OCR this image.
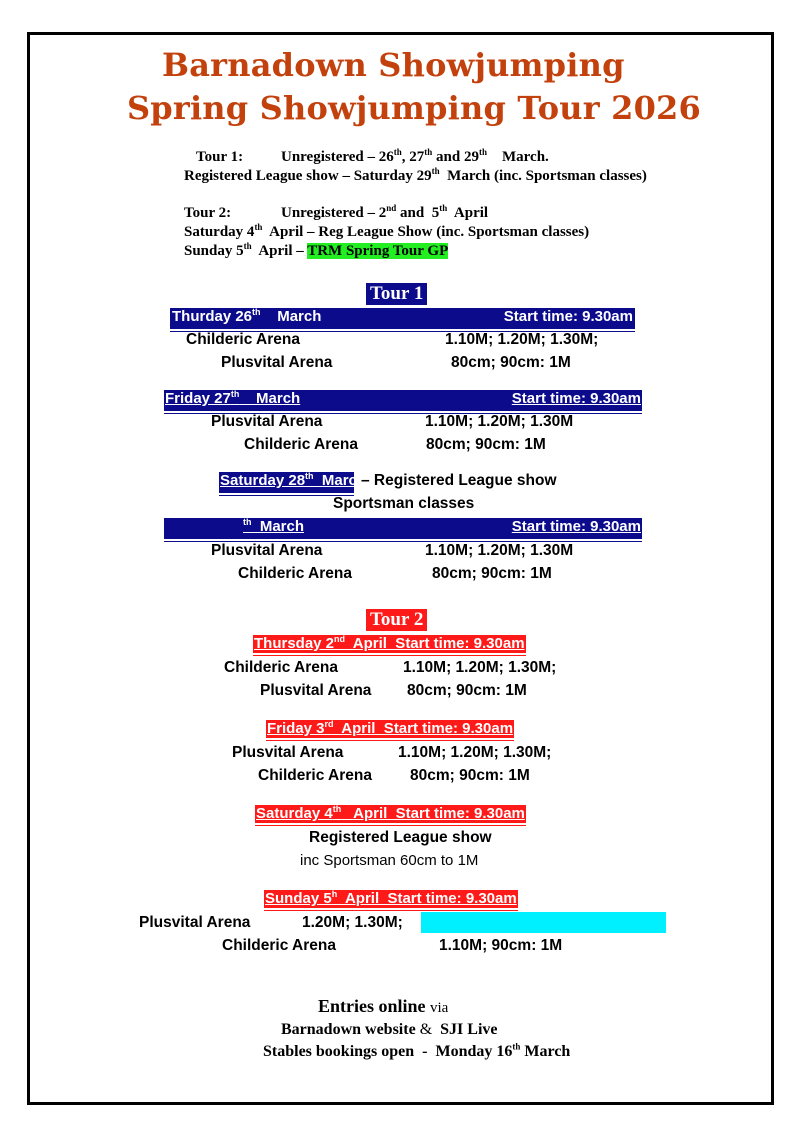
Barnadown Showjumping
Spring Showjumping Tour 2026
Tour 1:	Unregistered – 26th, 27th and 29th    March.
Registered League show – Saturday 29th  March (inc. Sportsman classes)
Tour 2:	Unregistered – 2nd and  5th  April
Saturday 4th  April – Reg League Show (inc. Sportsman classes)
Sunday 5th  April – TRM Spring Tour GP
Tour 1
Thurday 26th    March	Start time: 9.30am
Childeric Arena	1.10M; 1.20M; 1.30M;
Plusvital Arena	80cm; 90cm: 1M
Friday 27th    March	Start time: 9.30am
Plusvital Arena	1.10M; 1.20M; 1.30M
Childeric Arena	80cm; 90cm: 1M
Saturday 28th  March
– Registered League show
Sportsman classes
$^{th}$  March	Start time: 9.30am
Plusvital Arena	1.10M; 1.20M; 1.30M
Childeric Arena	80cm; 90cm: 1M
Tour 2
Thursday 2nd  April  Start time: 9.30am
Childeric Arena	1.10M; 1.20M; 1.30M;
Plusvital Arena 80cm; 90cm: 1M
Friday 3rd  April  Start time: 9.30am
Plusvital Arena	1.10M; 1.20M; 1.30M;
Childeric Arena 80cm; 90cm: 1M
Saturday 4th   April  Start time: 9.30am
Registered League show
inc Sportsman 60cm to 1M
Sunday 5$^h$  April  Start time: 9.30am
Plusvital Arena	1.20M; 1.30M;
Childeric Arena	1.10M; 90cm: 1M
Entries online via
Barnadown website & SJI Live
Stables bookings open  -  Monday 16th March
